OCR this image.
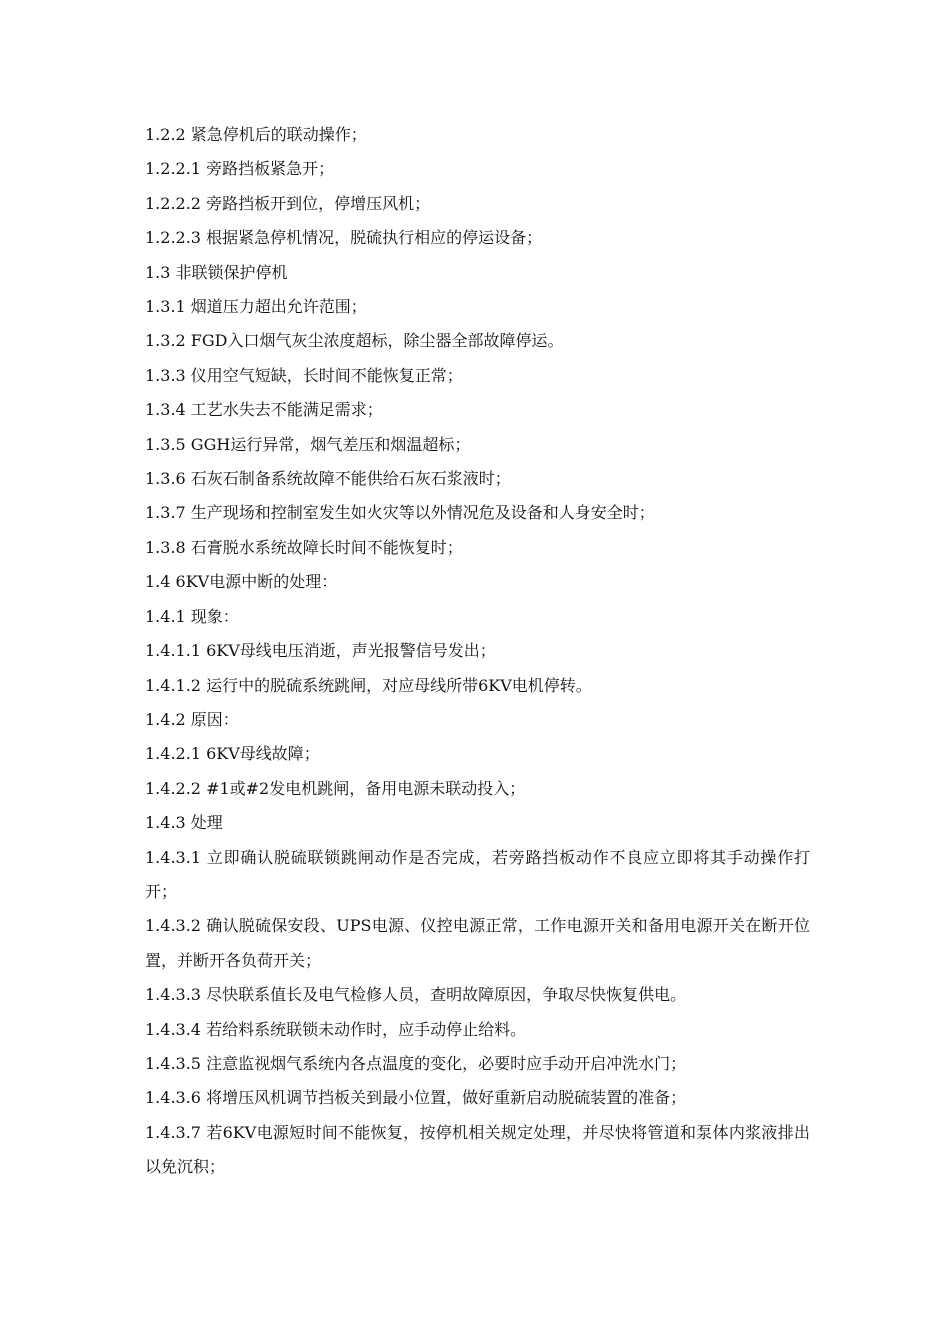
1.2.2 紧急停机后的联动操作；

1.2.2.1 旁路挡板紧急开；

1.2.2.2 旁路挡板开到位，停增压风机；

1.2.2.3 根据紧急停机情况，脱硫执行相应的停运设备；

1.3 非联锁保护停机

1.3.1 烟道压力超出允许范围；

1.3.2 FGD入口烟气灰尘浓度超标，除尘器全部故障停运。

1.3.3 仪用空气短缺，长时间不能恢复正常；

1.3.4 工艺水失去不能满足需求；

1.3.5 GGH运行异常，烟气差压和烟温超标；

1.3.6 石灰石制备系统故障不能供给石灰石浆液时；

1.3.7 生产现场和控制室发生如火灾等以外情况危及设备和人身安全时；

1.3.8 石膏脱水系统故障长时间不能恢复时；

1.4 6KV电源中断的处理：

1.4.1 现象：

1.4.1.1 6KV母线电压消逝，声光报警信号发出；

1.4.1.2 运行中的脱硫系统跳闸，对应母线所带6KV电机停转。

1.4.2 原因：

1.4.2.1 6KV母线故障；

1.4.2.2 #1或#2发电机跳闸，备用电源未联动投入；

1.4.3 处理

1.4.3.1 立即确认脱硫联锁跳闸动作是否完成，若旁路挡板动作不良应立即将其手动操作打开；

1.4.3.2 确认脱硫保安段、UPS电源、仪控电源正常，工作电源开关和备用电源开关在断开位置，并断开各负荷开关；

1.4.3.3 尽快联系值长及电气检修人员，查明故障原因，争取尽快恢复供电。

1.4.3.4 若给料系统联锁未动作时，应手动停止给料。

1.4.3.5 注意监视烟气系统内各点温度的变化，必要时应手动开启冲洗水门；

1.4.3.6 将增压风机调节挡板关到最小位置，做好重新启动脱硫装置的准备；

1.4.3.7 若6KV电源短时间不能恢复，按停机相关规定处理，并尽快将管道和泵体内浆液排出以免沉积；
